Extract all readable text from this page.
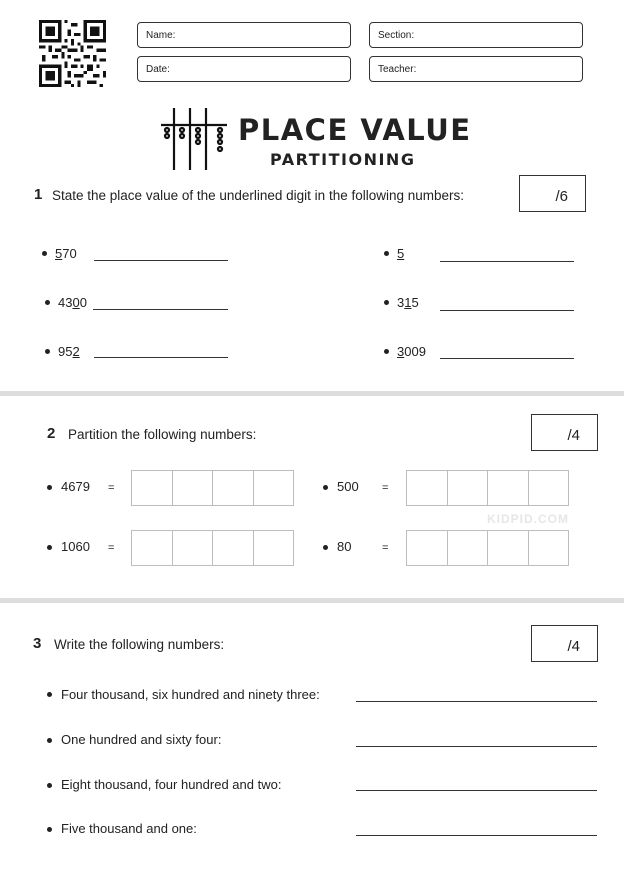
Name:	Section:
Date:	Teacher:
PLACE VALUE
PARTITIONING
1 State the place value of the underlined digit in the following numbers:	/6
570	5
4300	315
952	3009
2 Partition the following numbers:	/4
4679 =	500 =
KIDPID.COM
1060 =	80	=
3 Write the following numbers:	/4
Four thousand, six hundred and ninety three:
One hundred and sixty four:
Eight thousand, four hundred and two:
Five thousand and one:
